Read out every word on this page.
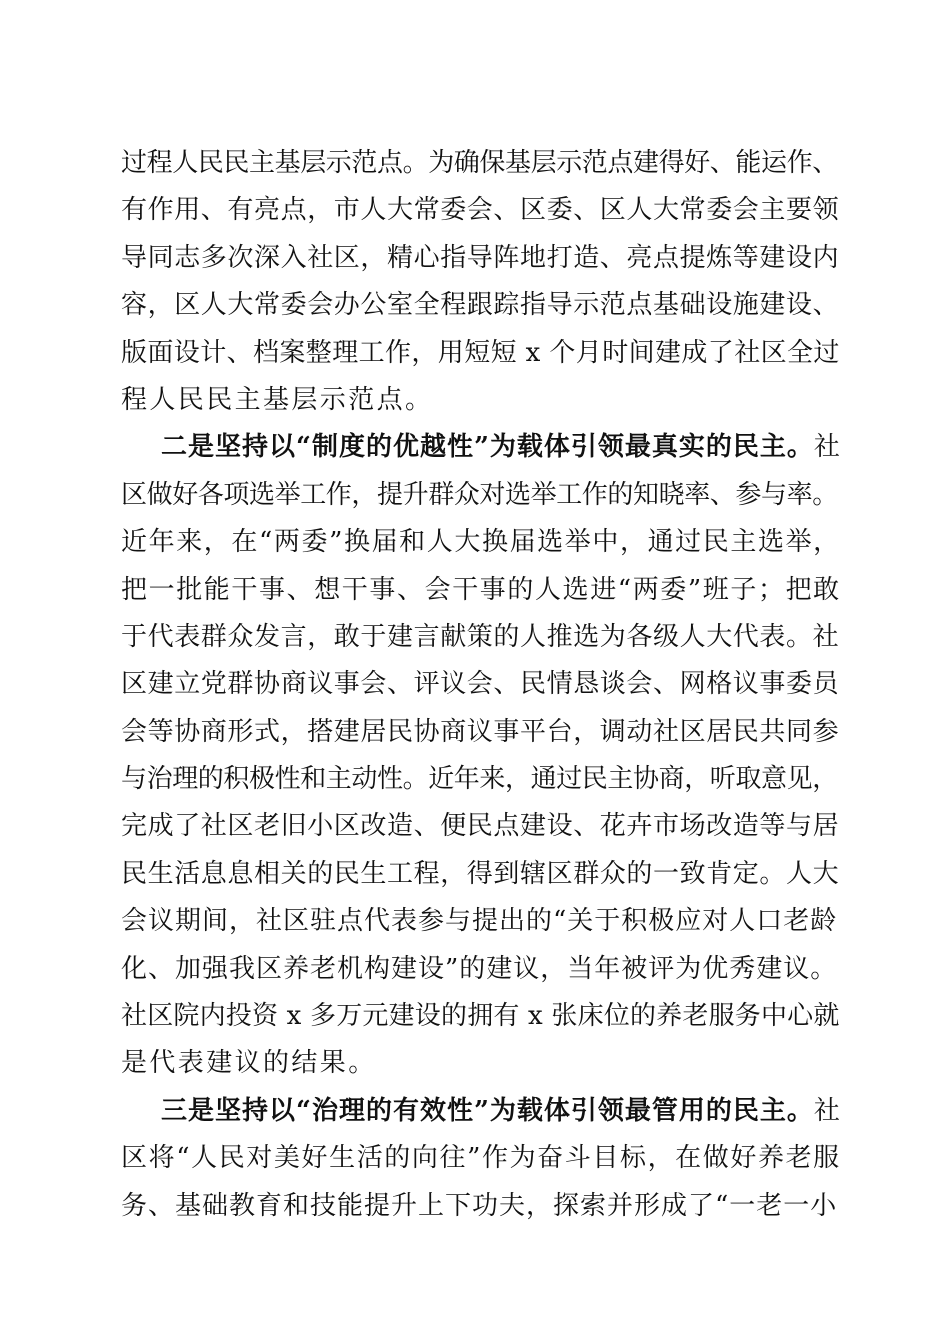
过程人民民主基层示范点。为确保基层示范点建得好、能运作、
有作用、有亮点，市人大常委会、区委、区人大常委会主要领
导同志多次深入社区，精心指导阵地打造、亮点提炼等建设内
容，区人大常委会办公室全程跟踪指导示范点基础设施建设、
版面设计、档案整理工作，用短短 x 个月时间建成了社区全过
程人民民主基层示范点。
二是坚持以“制度的优越性”为载体引领最真实的民主。社
区做好各项选举工作，提升群众对选举工作的知晓率、参与率。
近年来，在“两委”换届和人大换届选举中，通过民主选举，
把一批能干事、想干事、会干事的人选进“两委”班子；把敢
于代表群众发言，敢于建言献策的人推选为各级人大代表。社
区建立党群协商议事会、评议会、民情恳谈会、网格议事委员
会等协商形式，搭建居民协商议事平台，调动社区居民共同参
与治理的积极性和主动性。近年来，通过民主协商，听取意见，
完成了社区老旧小区改造、便民点建设、花卉市场改造等与居
民生活息息相关的民生工程，得到辖区群众的一致肯定。人大
会议期间，社区驻点代表参与提出的“关于积极应对人口老龄
化、加强我区养老机构建设”的建议，当年被评为优秀建议。
社区院内投资 x 多万元建设的拥有 x 张床位的养老服务中心就
是代表建议的结果。
三是坚持以“治理的有效性”为载体引领最管用的民主。社
区将“人民对美好生活的向往”作为奋斗目标，在做好养老服
务、基础教育和技能提升上下功夫，探索并形成了“一老一小
